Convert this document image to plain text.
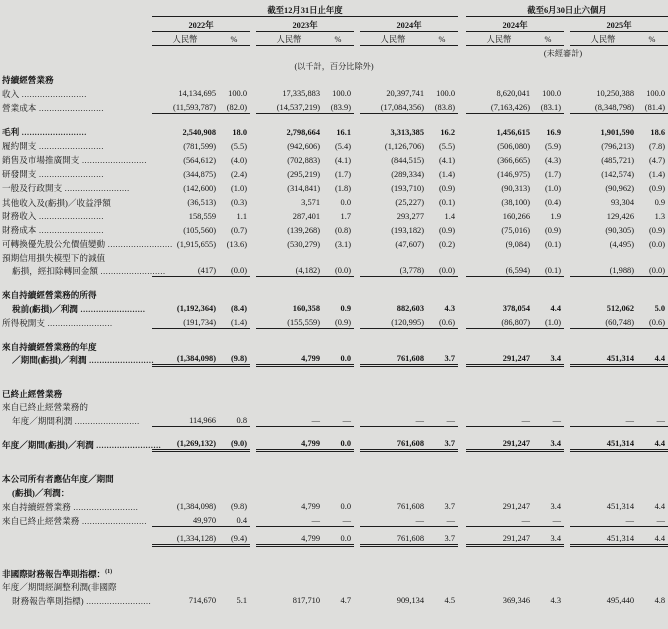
	截至12月31日止年度									截至6月30日止六個月				
	2022年			2023年			2024年			2024年			2025年	
	人民幣	%		人民幣	%		人民幣	%		人民幣	%		人民幣	%
									(未經審計)					
(以千計，百分比除外)														
持續經營業務														
收入 .........................	14,134,695	100.0		17,335,883	100.0		20,397,741	100.0		8,620,041	100.0		10,250,388	100.0
營業成本 .........................	(11,593,787)	(82.0)		(14,537,219)	(83.9)		(17,084,356)	(83.8)		(7,163,426)	(83.1)		(8,348,798)	(81.4)

毛利 .........................	2,540,908	18.0		2,798,664	16.1		3,313,385	16.2		1,456,615	16.9		1,901,590	18.6
履約開支 .........................	(781,599)	(5.5)		(942,606)	(5.4)		(1,126,706)	(5.5)		(506,080)	(5.9)		(796,213)	(7.8)
銷售及市場推廣開支 .........................	(564,612)	(4.0)		(702,883)	(4.1)		(844,515)	(4.1)		(366,665)	(4.3)		(485,721)	(4.7)
研發開支 .........................	(344,875)	(2.4)		(295,219)	(1.7)		(289,334)	(1.4)		(146,975)	(1.7)		(142,574)	(1.4)
一般及行政開支 .........................	(142,600)	(1.0)		(314,841)	(1.8)		(193,710)	(0.9)		(90,313)	(1.0)		(90,962)	(0.9)
其他收入及(虧損)／收益淨額	(36,513)	(0.3)		3,571	0.0		(25,227)	(0.1)		(38,100)	(0.4)		93,304	0.9
財務收入 .........................	158,559	1.1		287,401	1.7		293,277	1.4		160,266	1.9		129,426	1.3
財務成本 .........................	(105,560)	(0.7)		(139,268)	(0.8)		(193,182)	(0.9)		(75,016)	(0.9)		(90,305)	(0.9)
可轉換優先股公允價值變動 .........................	(1,915,655)	(13.6)		(530,279)	(3.1)		(47,607)	(0.2)		(9,084)	(0.1)		(4,495)	(0.0)
預期信用損失模型下的減值														
虧損，經扣除轉回金額 .........................	(417)	(0.0)		(4,182)	(0.0)		(3,778)	(0.0)		(6,594)	(0.1)		(1,988)	(0.0)

來自持續經營業務的所得														
稅前(虧損)／利潤 .........................	(1,192,364)	(8.4)		160,358	0.9		882,603	4.3		378,054	4.4		512,062	5.0
所得稅開支 .........................	(191,734)	(1.4)		(155,559)	(0.9)		(120,995)	(0.6)		(86,807)	(1.0)		(60,748)	(0.6)

來自持續經營業務的年度														
／期間(虧損)／利潤 .........................	(1,384,098)	(9.8)		4,799	0.0		761,608	3.7		291,247	3.4		451,314	4.4

已終止經營業務														
來自已終止經營業務的														
年度／期間利潤 .........................	114,966	0.8		—	—		—	—		—	—		—	—

年度／期間(虧損)／利潤 .........................	(1,269,132)	(9.0)		4,799	0.0		761,608	3.7		291,247	3.4		451,314	4.4

本公司所有者應佔年度／期間														
(虧損)／利潤：														
來自持續經營業務 .........................	(1,384,098)	(9.8)		4,799	0.0		761,608	3.7		291,247	3.4		451,314	4.4
來自已終止經營業務 .........................	49,970	0.4		—	—		—	—		—	—		—	—

	(1,334,128)	(9.4)		4,799	0.0		761,608	3.7		291,247	3.4		451,314	4.4

非國際財務報告準則指標：$^{(1)}$	
年度／期間經調整利潤(非國際														
財務報告準則指標) .........................	714,670	5.1		817,710	4.7		909,134	4.5		369,346	4.3		495,440	4.8
